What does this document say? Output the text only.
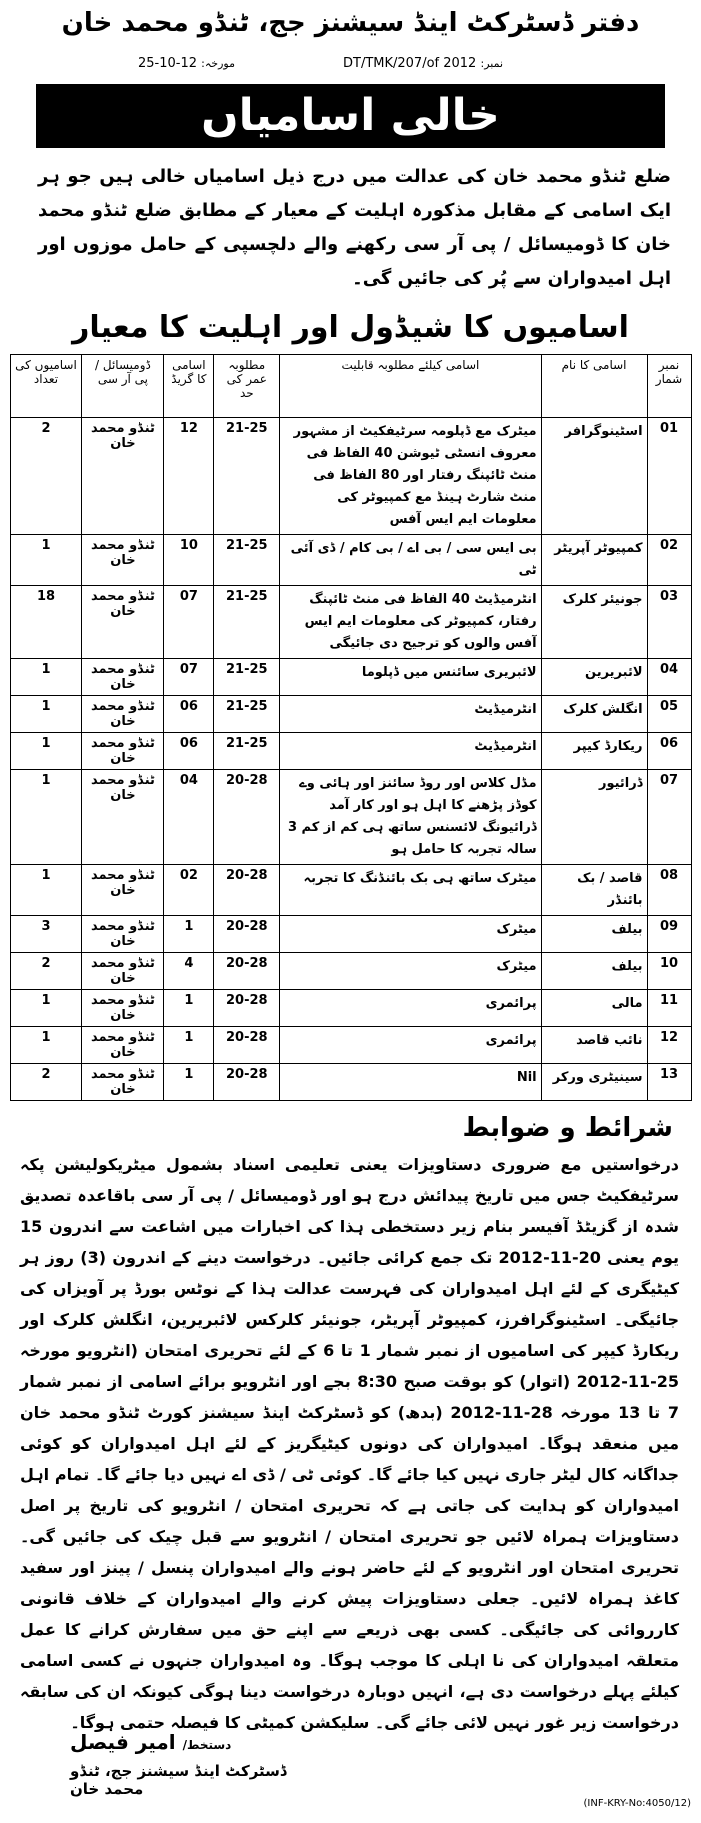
دفتر ڈسٹرکٹ اینڈ سیشنز جج، ٹنڈو محمد خان
نمبر: DT/TMK/207/of 2012
مورخہ: 25-10-12
خالی اسامیاں
ضلع ٹنڈو محمد خان کی عدالت میں درج ذیل اسامیاں خالی ہیں جو ہر ایک اسامی کے مقابل مذکورہ اہلیت کے معیار کے مطابق ضلع ٹنڈو محمد خان کا ڈومیسائل / پی آر سی رکھنے والے دلچسپی کے حامل موزوں اور اہل امیدواران سے پُر کی جائیں گی۔
اسامیوں کا شیڈول اور اہلیت کا معیار
نمبر شمار	اسامی کا نام	اسامی کیلئے مطلوبہ قابلیت	مطلوبہ عمر کی حد	اسامی کا گریڈ	ڈومیسائل / پی آر سی	اسامیوں کی تعداد
01	اسٹینوگرافر	میٹرک مع ڈپلومہ سرٹیفکیٹ از مشہور معروف انسٹی ٹیوشن 40 الفاظ فی منٹ ٹائپنگ رفتار اور 80 الفاظ فی منٹ شارٹ ہینڈ مع کمپیوٹر کی معلومات ایم ایس آفس	21-25	12	ٹنڈو محمد خان	2
02	کمپیوٹر آپریٹر	بی ایس سی / بی اے / بی کام / ڈی آئی ٹی	21-25	10	ٹنڈو محمد خان	1
03	جونیئر کلرک	انٹرمیڈیٹ 40 الفاظ فی منٹ ٹائپنگ رفتار، کمپیوٹر کی معلومات ایم ایس آفس والوں کو ترجیح دی جائیگی	21-25	07	ٹنڈو محمد خان	18
04	لائبریرین	لائبریری سائنس میں ڈپلوما	21-25	07	ٹنڈو محمد خان	1
05	انگلش کلرک	انٹرمیڈیٹ	21-25	06	ٹنڈو محمد خان	1
06	ریکارڈ کیپر	انٹرمیڈیٹ	21-25	06	ٹنڈو محمد خان	1
07	ڈرائیور	مڈل کلاس اور روڈ سائنز اور ہائی وے کوڈز پڑھنے کا اہل ہو اور کار آمد ڈرائیونگ لائسنس ساتھ ہی کم از کم 3 سالہ تجربہ کا حامل ہو	20-28	04	ٹنڈو محمد خان	1
08	قاصد / بک بائنڈر	میٹرک ساتھ ہی بک بائنڈنگ کا تجربہ	20-28	02	ٹنڈو محمد خان	1
09	بیلف	میٹرک	20-28	1	ٹنڈو محمد خان	3
10	بیلف	میٹرک	20-28	4	ٹنڈو محمد خان	2
11	مالی	پرائمری	20-28	1	ٹنڈو محمد خان	1
12	نائب قاصد	پرائمری	20-28	1	ٹنڈو محمد خان	1
13	سینیٹری ورکر	Nil	20-28	1	ٹنڈو محمد خان	2
شرائط و ضوابط
درخواستیں مع ضروری دستاویزات یعنی تعلیمی اسناد بشمول میٹریکولیشن پکہ سرٹیفکیٹ جس میں تاریخ پیدائش درج ہو اور ڈومیسائل / پی آر سی باقاعدہ تصدیق شدہ از گزیٹڈ آفیسر بنام زیر دستخطی ہذا کی اخبارات میں اشاعت سے اندرون 15 یوم یعنی 20-11-2012 تک جمع کرائی جائیں۔ درخواست دینے کے اندرون (3) روز ہر کیٹیگری کے لئے اہل امیدواران کی فہرست عدالت ہذا کے نوٹس بورڈ پر آویزاں کی جائیگی۔ اسٹینوگرافرز، کمپیوٹر آپریٹر، جونیئر کلرکس لائبریرین، انگلش کلرک اور ریکارڈ کیپر کی اسامیوں از نمبر شمار 1 تا 6 کے لئے تحریری امتحان (انٹرویو مورخہ 25-11-2012 (اتوار) کو بوقت صبح 8:30 بجے اور انٹرویو برائے اسامی از نمبر شمار 7 تا 13 مورخہ 28-11-2012 (بدھ) کو ڈسٹرکٹ اینڈ سیشنز کورٹ ٹنڈو محمد خان میں منعقد ہوگا۔ امیدواران کی دونوں کیٹیگریز کے لئے اہل امیدواران کو کوئی جداگانہ کال لیٹر جاری نہیں کیا جائے گا۔ کوئی ٹی / ڈی اے نہیں دیا جائے گا۔ تمام اہل امیدواران کو ہدایت کی جاتی ہے کہ تحریری امتحان / انٹرویو کی تاریخ پر اصل دستاویزات ہمراہ لائیں جو تحریری امتحان / انٹرویو سے قبل چیک کی جائیں گی۔ تحریری امتحان اور انٹرویو کے لئے حاضر ہونے والے امیدواران پنسل / پینز اور سفید کاغذ ہمراہ لائیں۔ جعلی دستاویزات پیش کرنے والے امیدواران کے خلاف قانونی کارروائی کی جائیگی۔ کسی بھی ذریعے سے اپنے حق میں سفارش کرانے کا عمل متعلقہ امیدواران کی نا اہلی کا موجب ہوگا۔ وہ امیدواران جنہوں نے کسی اسامی کیلئے پہلے درخواست دی ہے، انہیں دوبارہ درخواست دینا ہوگی کیونکہ ان کی سابقہ درخواست زیر غور نہیں لائی جائے گی۔ سلیکشن کمیٹی کا فیصلہ حتمی ہوگا۔
دستخط/ امیر فیصل
ڈسٹرکٹ اینڈ سیشنز جج، ٹنڈو محمد خان
(INF-KRY-No:4050/12)
